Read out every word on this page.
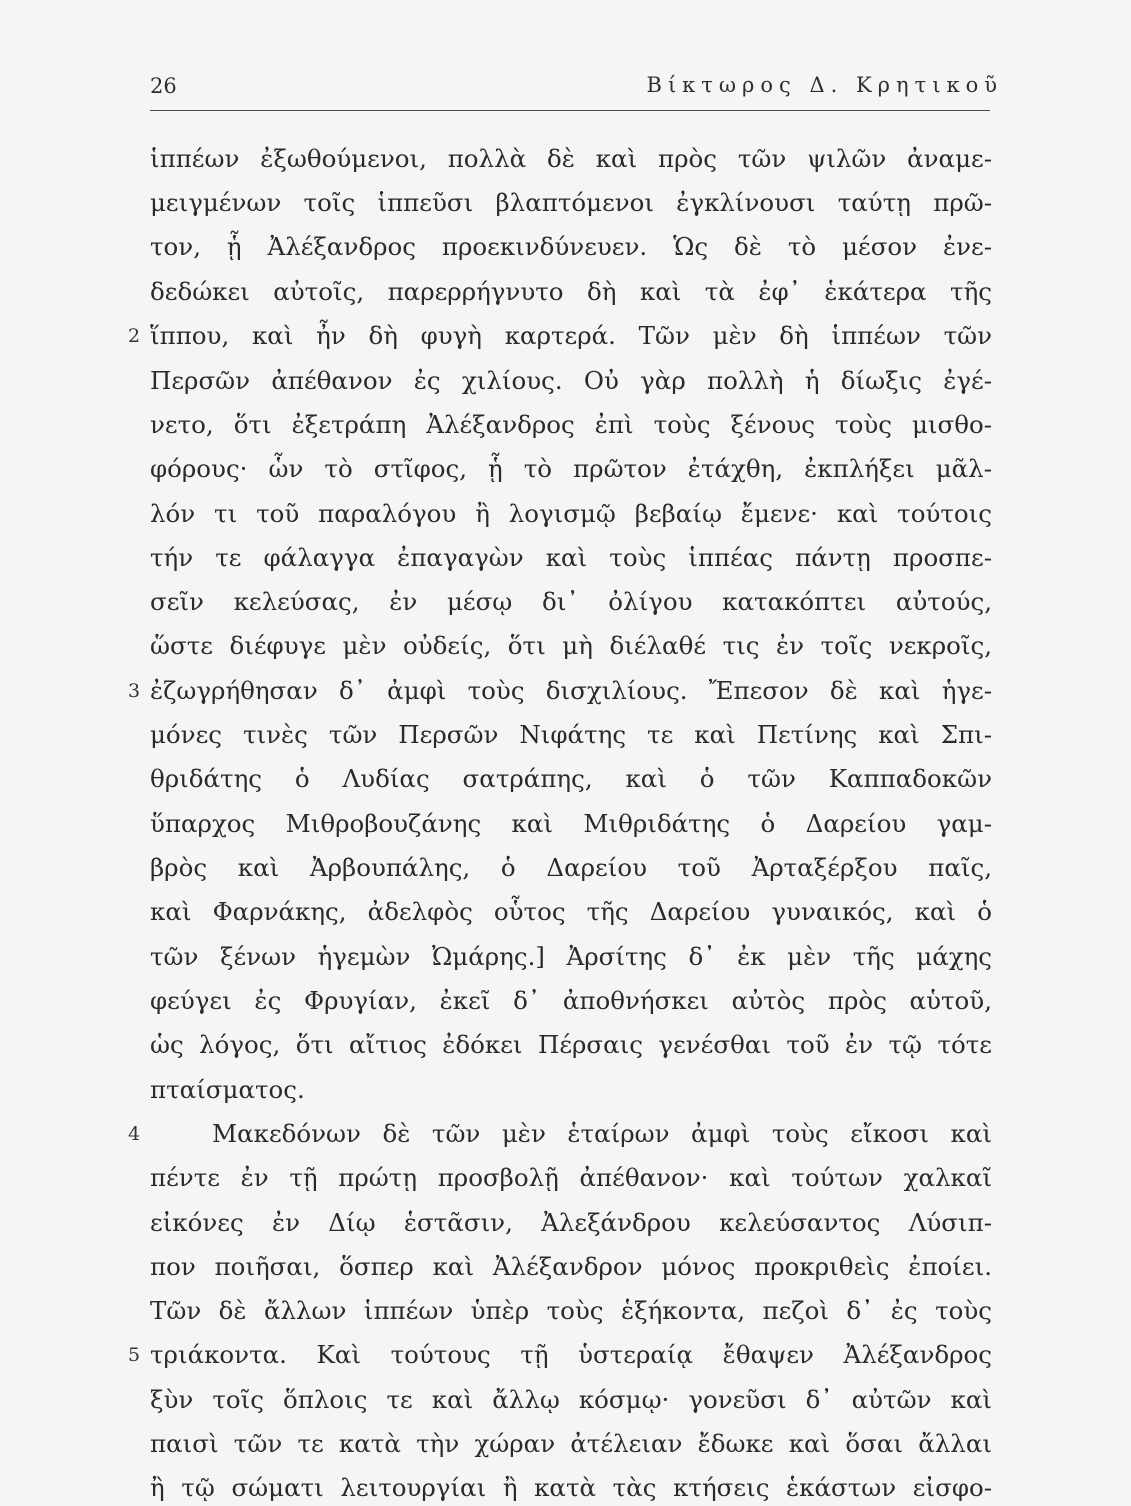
26	Βίκτωρος Δ. Κρητικοῦ
ἱππέων ἐξωθούμενοι, πολλὰ δὲ καὶ πρὸς τῶν ψιλῶν ἀναμε-
μειγμένων τοῖς ἱππεῦσι βλαπτόμενοι ἐγκλίνουσι ταύτῃ πρῶ-
τον, ᾗ Ἀλέξανδρος προεκινδύνευεν. Ὡς δὲ τὸ μέσον ἐνε-
δεδώκει αὐτοῖς, παρερρήγνυτο δὴ καὶ τὰ ἐφ᾽ ἑκάτερα τῆς
2 ἵππου, καὶ ἦν δὴ φυγὴ καρτερά. Τῶν μὲν δὴ ἱππέων τῶν
Περσῶν ἀπέθανον ἐς χιλίους. Οὐ γὰρ πολλὴ ἡ δίωξις ἐγέ-
νετο, ὅτι ἐξετράπη Ἀλέξανδρος ἐπὶ τοὺς ξένους τοὺς μισθο-
φόρους· ὧν τὸ στῖφος, ᾗ τὸ πρῶτον ἐτάχθη, ἐκπλήξει μᾶλ-
λόν τι τοῦ παραλόγου ἢ λογισμῷ βεβαίῳ ἔμενε· καὶ τούτοις
τήν τε φάλαγγα ἐπαγαγὼν καὶ τοὺς ἱππέας πάντῃ προσπε-
σεῖν κελεύσας, ἐν μέσῳ δι᾽ ὀλίγου κατακόπτει αὐτούς,
ὥστε διέφυγε μὲν οὐδείς, ὅτι μὴ διέλαθέ τις ἐν τοῖς νεκροῖς,
3 ἐζωγρήθησαν δ᾽ ἀμφὶ τοὺς δισχιλίους. Ἔπεσον δὲ καὶ ἡγε-
μόνες τινὲς τῶν Περσῶν Νιφάτης τε καὶ Πετίνης καὶ Σπι-
θριδάτης ὁ Λυδίας σατράπης, καὶ ὁ τῶν Καππαδοκῶν
ὕπαρχος Μιθροβουζάνης καὶ Μιθριδάτης ὁ Δαρείου γαμ-
βρὸς καὶ Ἀρβουπάλης, ὁ Δαρείου τοῦ Ἀρταξέρξου παῖς,
καὶ Φαρνάκης, ἀδελφὸς οὗτος τῆς Δαρείου γυναικός, καὶ ὁ
τῶν ξένων ἡγεμὼν Ὠμάρης.] Ἀρσίτης δ᾽ ἐκ μὲν τῆς μάχης
φεύγει ἐς Φρυγίαν, ἐκεῖ δ᾽ ἀποθνήσκει αὐτὸς πρὸς αὑτοῦ,
ὡς λόγος, ὅτι αἴτιος ἐδόκει Πέρσαις γενέσθαι τοῦ ἐν τῷ τότε
πταίσματος.
4	Μακεδόνων δὲ τῶν μὲν ἑταίρων ἀμφὶ τοὺς εἴκοσι καὶ
πέντε ἐν τῇ πρώτῃ προσβολῇ ἀπέθανον· καὶ τούτων χαλκαῖ
εἰκόνες ἐν Δίῳ ἑστᾶσιν, Ἀλεξάνδρου κελεύσαντος Λύσιπ-
πον ποιῆσαι, ὅσπερ καὶ Ἀλέξανδρον μόνος προκριθεὶς ἐποίει.
Τῶν δὲ ἄλλων ἱππέων ὑπὲρ τοὺς ἑξήκοντα, πεζοὶ δ᾽ ἐς τοὺς
5 τριάκοντα. Καὶ τούτους τῇ ὑστεραίᾳ ἔθαψεν Ἀλέξανδρος
ξὺν τοῖς ὅπλοις τε καὶ ἄλλῳ κόσμῳ· γονεῦσι δ᾽ αὐτῶν καὶ
παισὶ τῶν τε κατὰ τὴν χώραν ἀτέλειαν ἔδωκε καὶ ὅσαι ἄλλαι
ἢ τῷ σώματι λειτουργίαι ἢ κατὰ τὰς κτήσεις ἑκάστων εἰσφο-
